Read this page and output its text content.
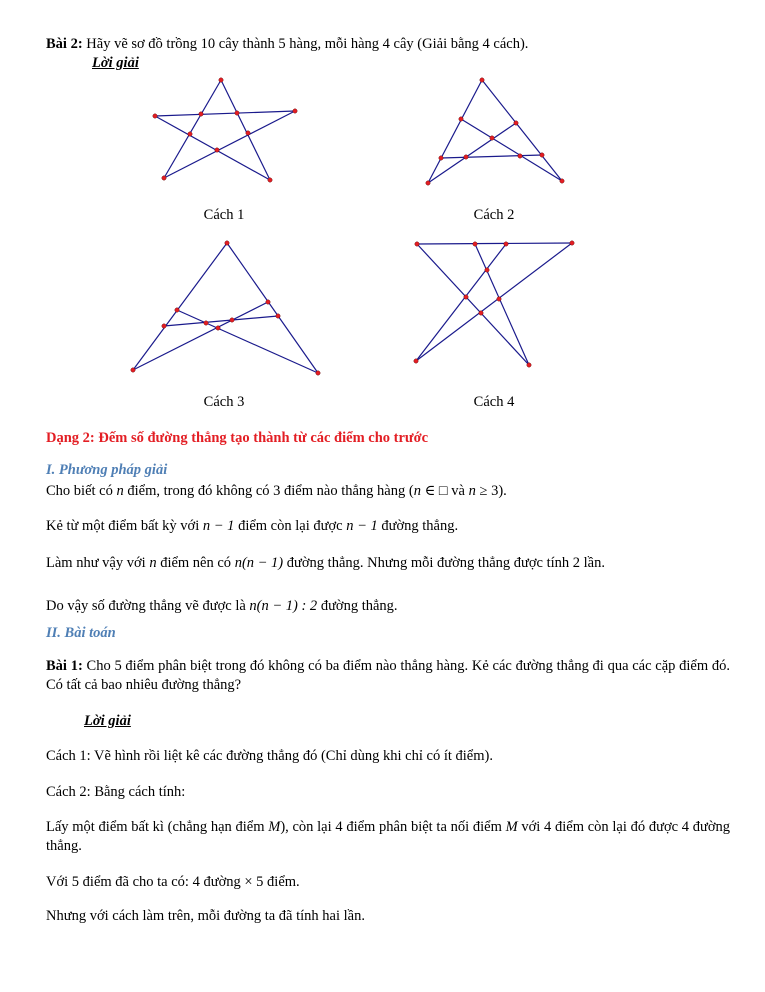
Bài 2: Hãy vẽ sơ đồ trồng 10 cây thành 5 hàng, mỗi hàng 4 cây (Giải bằng 4 cách).
Lời giải
Cách 1	Cách 2
Cách 3	Cách 4
Dạng 2: Đếm số đường thẳng tạo thành từ các điểm cho trước
I. Phương pháp giải
Cho biết có n điểm, trong đó không có 3 điểm nào thẳng hàng (n ∈ □ và n ≥ 3).
Kẻ từ một điểm bất kỳ với n − 1 điểm còn lại được n − 1 đường thẳng.
Làm như vậy với n điểm nên có n(n − 1) đường thẳng. Nhưng mỗi đường thẳng được tính 2 lần.
Do vậy số đường thẳng vẽ được là n(n − 1) : 2 đường thẳng.
II. Bài toán
Bài 1: Cho 5 điểm phân biệt trong đó không có ba điểm nào thẳng hàng. Kẻ các đường thẳng đi qua các cặp điểm đó. Có tất cả bao nhiêu đường thẳng?
Lời giải
Cách 1: Vẽ hình rồi liệt kê các đường thẳng đó (Chỉ dùng khi chỉ có ít điểm).
Cách 2: Bằng cách tính:
Lấy một điểm bất kì (chẳng hạn điểm M), còn lại 4 điểm phân biệt ta nối điểm M với 4 điểm còn lại đó được 4 đường thẳng.
Với 5 điểm đã cho ta có: 4 đường × 5 điểm.
Nhưng với cách làm trên, mỗi đường ta đã tính hai lần.
